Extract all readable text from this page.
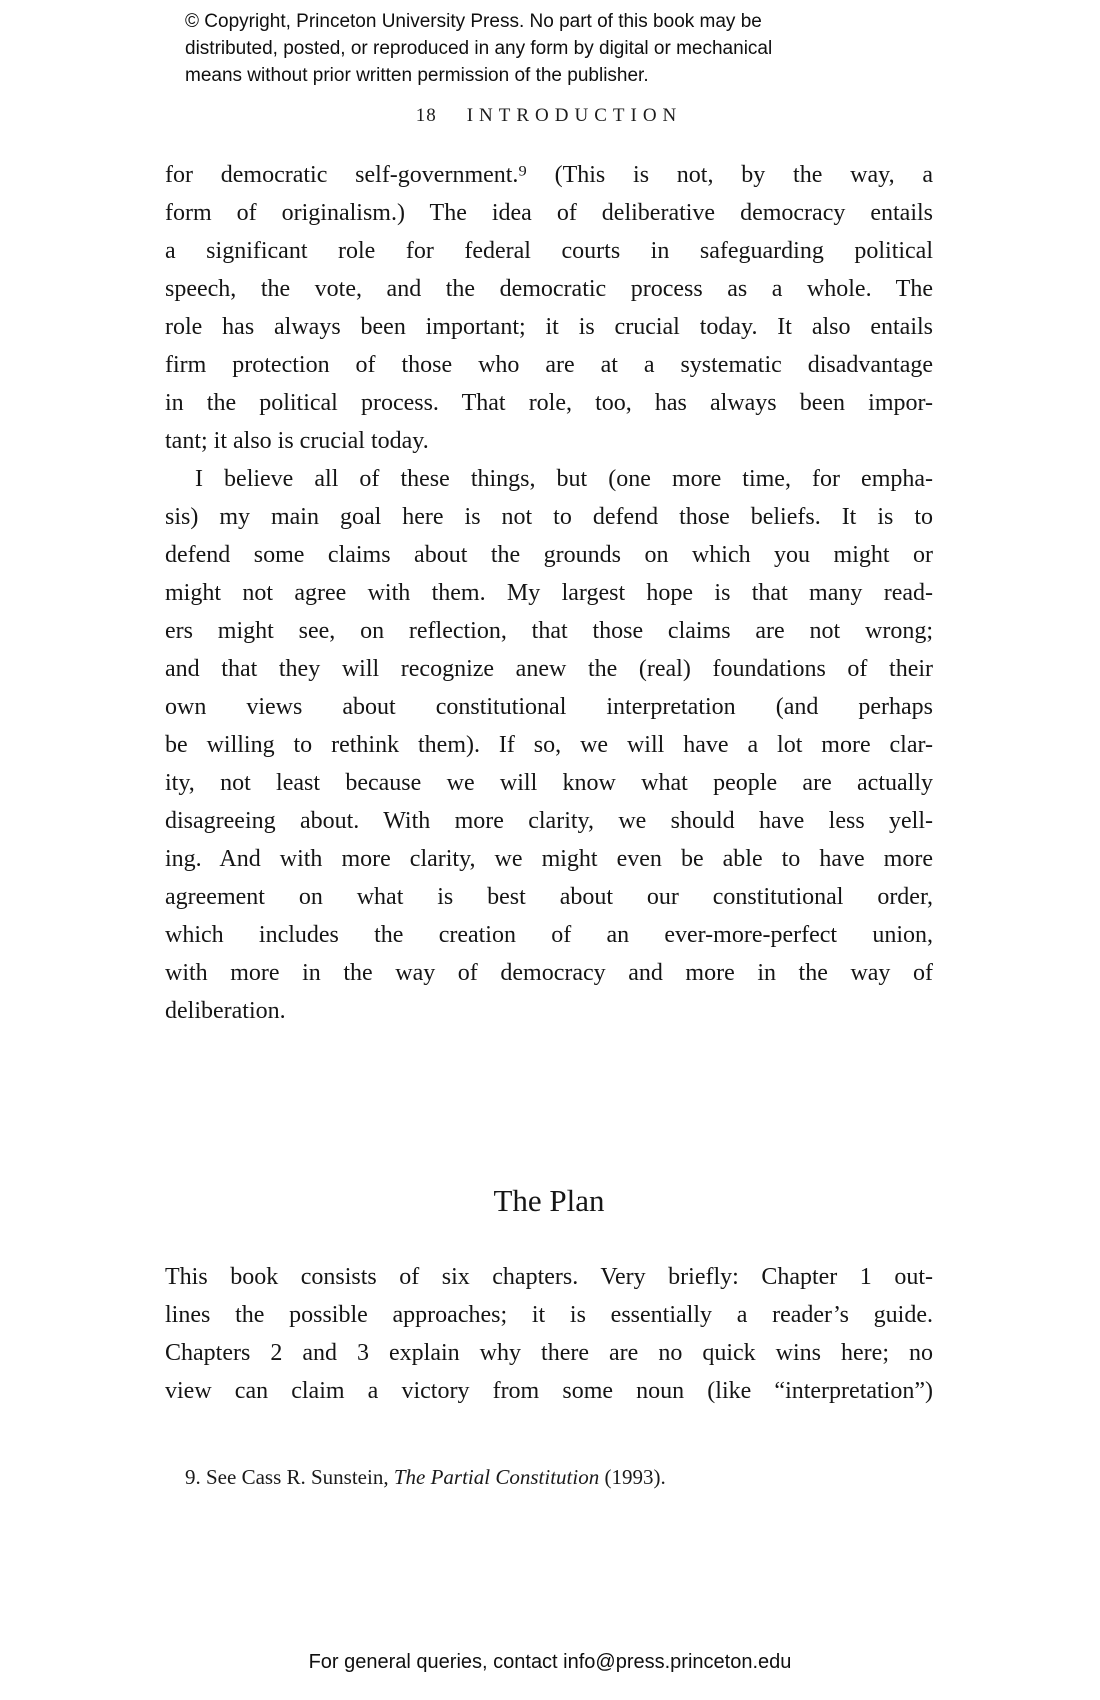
© Copyright, Princeton University Press. No part of this book may be
distributed, posted, or reproduced in any form by digital or mechanical
means without prior written permission of the publisher.
18 INTRODUCTION
for democratic self-government.⁹ (This is not, by the way, a
form of originalism.) The idea of deliberative democracy entails
a significant role for federal courts in safeguarding political
speech, the vote, and the democratic process as a whole. The
role has always been important; it is crucial today. It also entails
firm protection of those who are at a systematic disadvantage
in the political process. That role, too, has always been impor-
tant; it also is crucial today.
I believe all of these things, but (one more time, for empha-
sis) my main goal here is not to defend those beliefs. It is to
defend some claims about the grounds on which you might or
might not agree with them. My largest hope is that many read-
ers might see, on reflection, that those claims are not wrong;
and that they will recognize anew the (real) foundations of their
own views about constitutional interpretation (and perhaps
be willing to rethink them). If so, we will have a lot more clar-
ity, not least because we will know what people are actually
disagreeing about. With more clarity, we should have less yell-
ing. And with more clarity, we might even be able to have more
agreement on what is best about our constitutional order,
which includes the creation of an ever-more-perfect union,
with more in the way of democracy and more in the way of
deliberation.
The Plan
This book consists of six chapters. Very briefly: Chapter 1 out-
lines the possible approaches; it is essentially a reader’s guide.
Chapters 2 and 3 explain why there are no quick wins here; no
view can claim a victory from some noun (like “interpretation”)
9. See Cass R. Sunstein, The Partial Constitution (1993).
For general queries, contact info@press.princeton.edu
